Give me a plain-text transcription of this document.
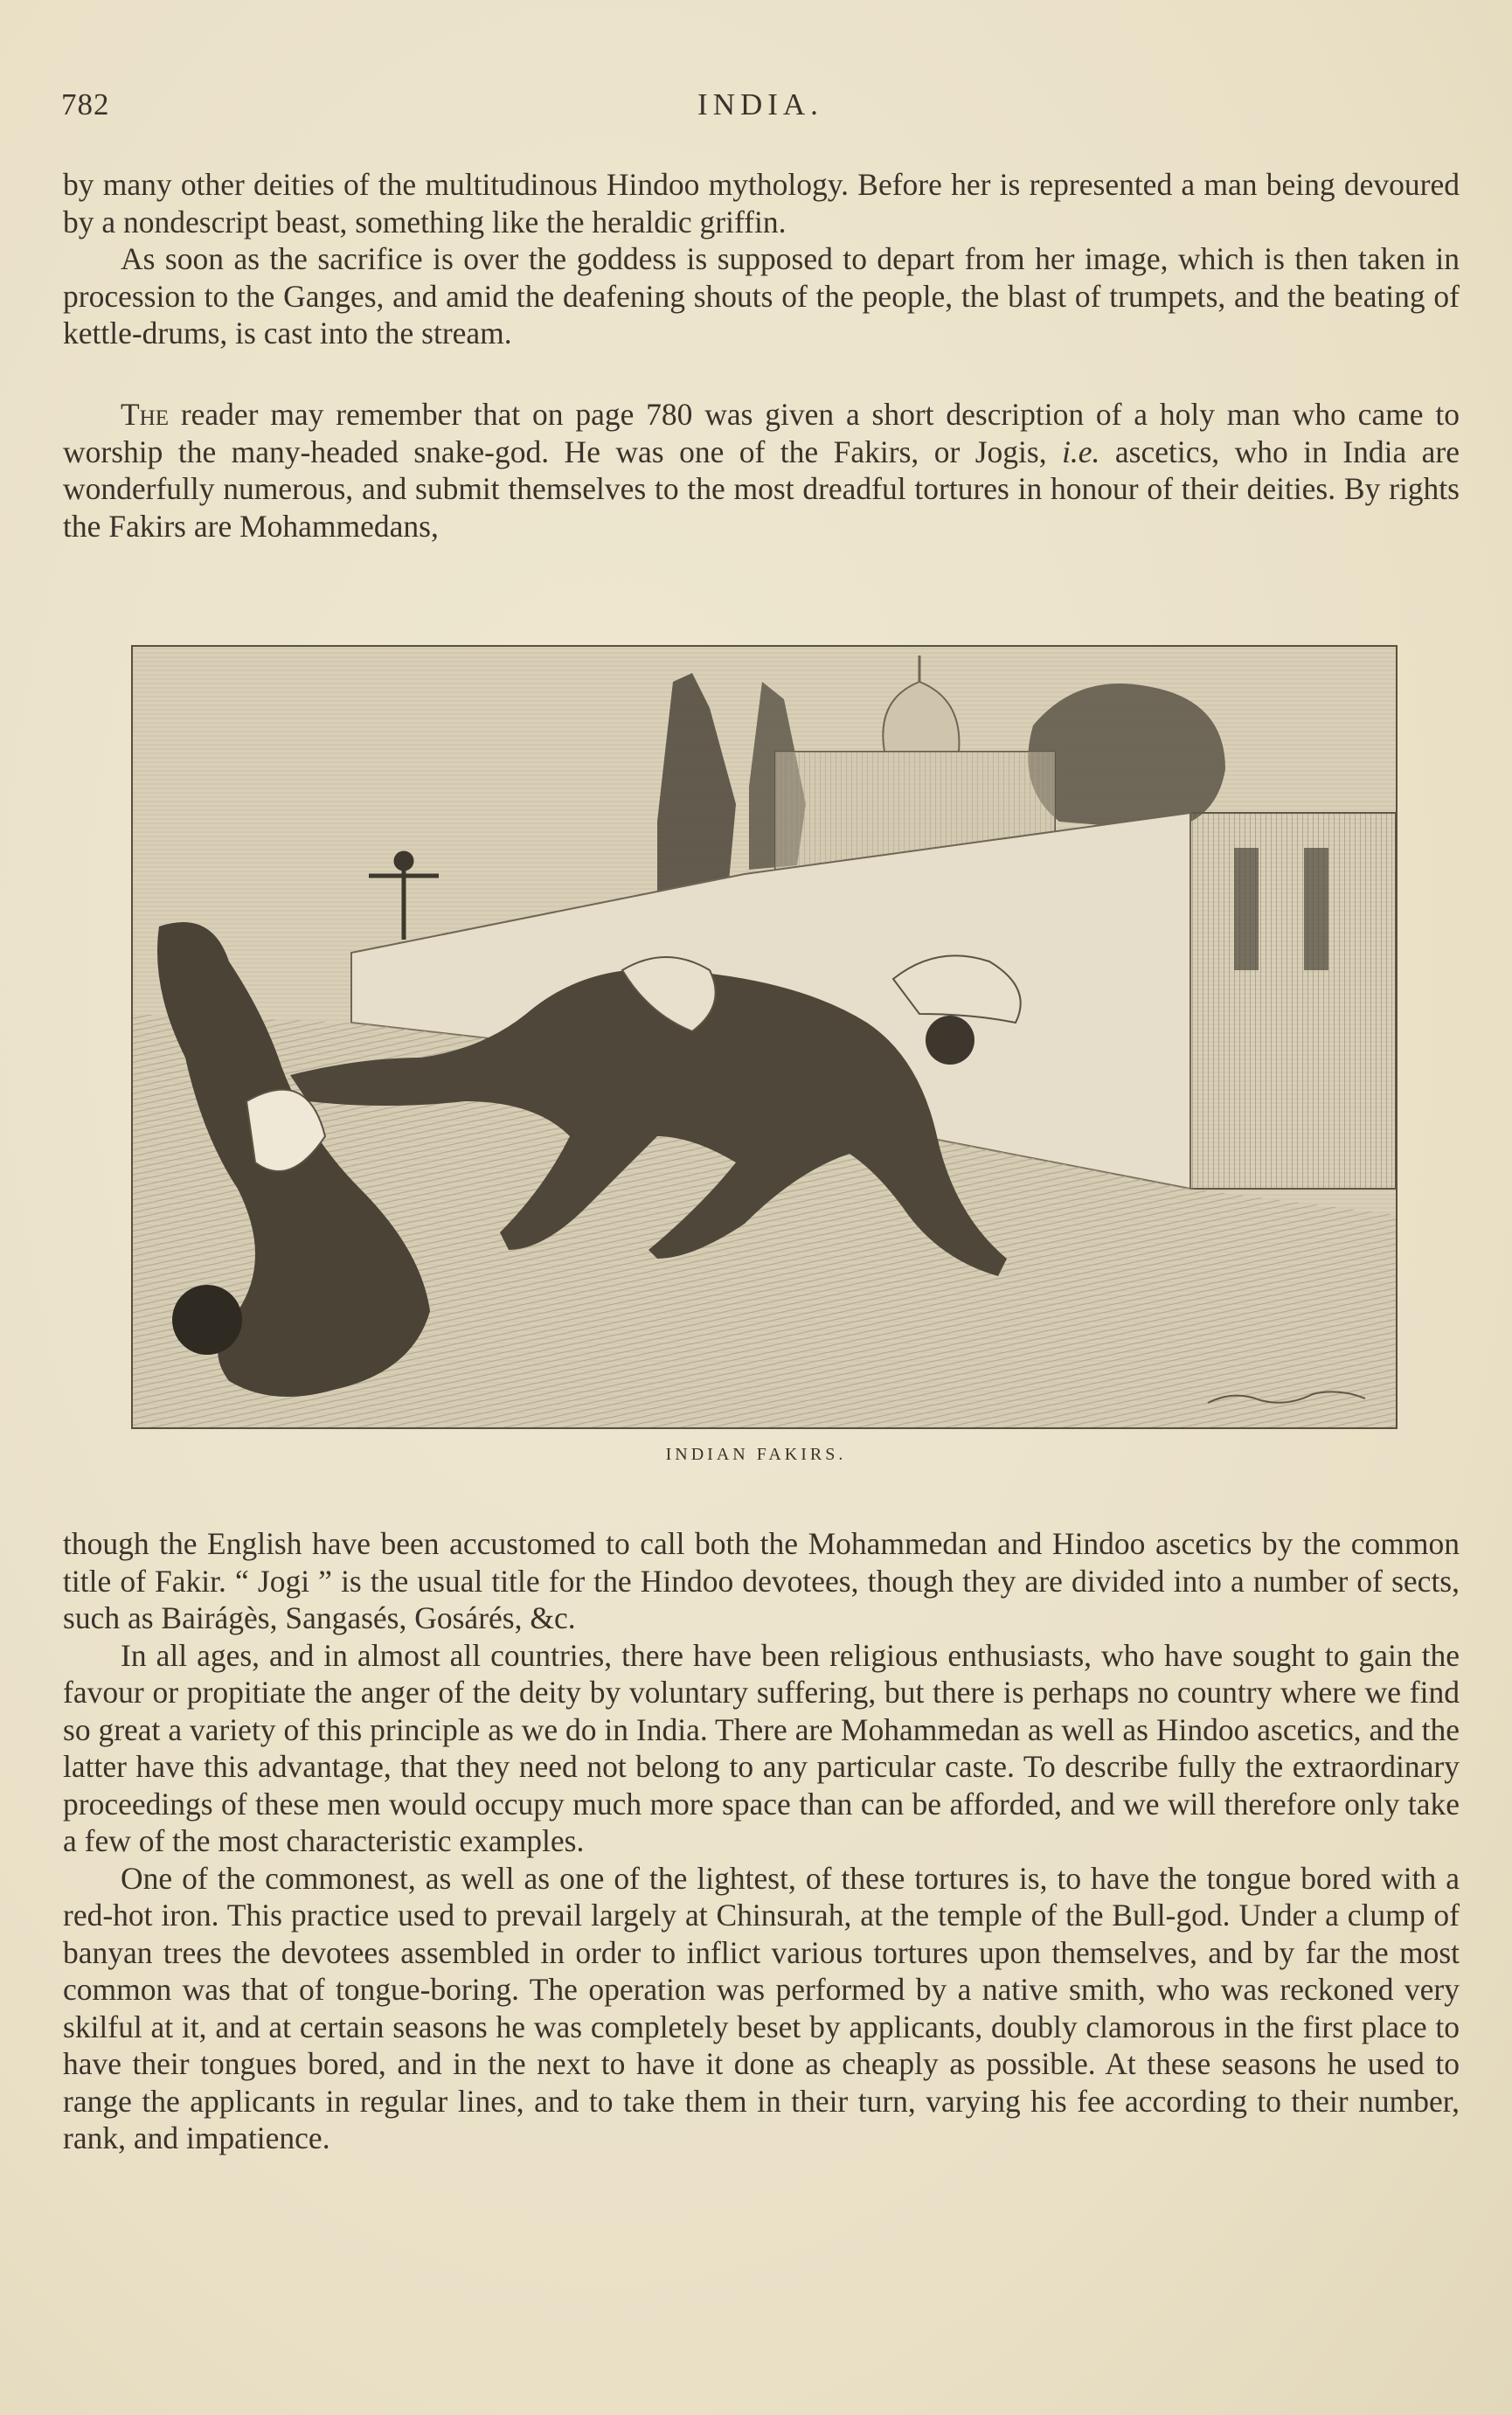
782	INDIA.

by many other deities of the multitudinous Hindoo mythology. Before her is represented a man being devoured by a nondescript beast, something like the heraldic griffin.

As soon as the sacrifice is over the goddess is supposed to depart from her image, which is then taken in procession to the Ganges, and amid the deafening shouts of the people, the blast of trumpets, and the beating of kettle-drums, is cast into the stream.

The reader may remember that on page 780 was given a short description of a holy man who came to worship the many-headed snake-god. He was one of the Fakirs, or Jogis, i.e. ascetics, who in India are wonderfully numerous, and submit themselves to the most dreadful tortures in honour of their deities. By rights the Fakirs are Mohammedans,

INDIAN FAKIRS.

though the English have been accustomed to call both the Mohammedan and Hindoo ascetics by the common title of Fakir. “ Jogi ” is the usual title for the Hindoo devotees, though they are divided into a number of sects, such as Bairágès, Sangasés, Gosárés, &c.

In all ages, and in almost all countries, there have been religious enthusiasts, who have sought to gain the favour or propitiate the anger of the deity by voluntary suffering, but there is perhaps no country where we find so great a variety of this principle as we do in India. There are Mohammedan as well as Hindoo ascetics, and the latter have this advantage, that they need not belong to any particular caste. To describe fully the extraordinary proceedings of these men would occupy much more space than can be afforded, and we will therefore only take a few of the most characteristic examples.

One of the commonest, as well as one of the lightest, of these tortures is, to have the tongue bored with a red-hot iron. This practice used to prevail largely at Chinsurah, at the temple of the Bull-god. Under a clump of banyan trees the devotees assembled in order to inflict various tortures upon themselves, and by far the most common was that of tongue-boring. The operation was performed by a native smith, who was reckoned very skilful at it, and at certain seasons he was completely beset by applicants, doubly clamorous in the first place to have their tongues bored, and in the next to have it done as cheaply as possible. At these seasons he used to range the applicants in regular lines, and to take them in their turn, varying his fee according to their number, rank, and impatience.
